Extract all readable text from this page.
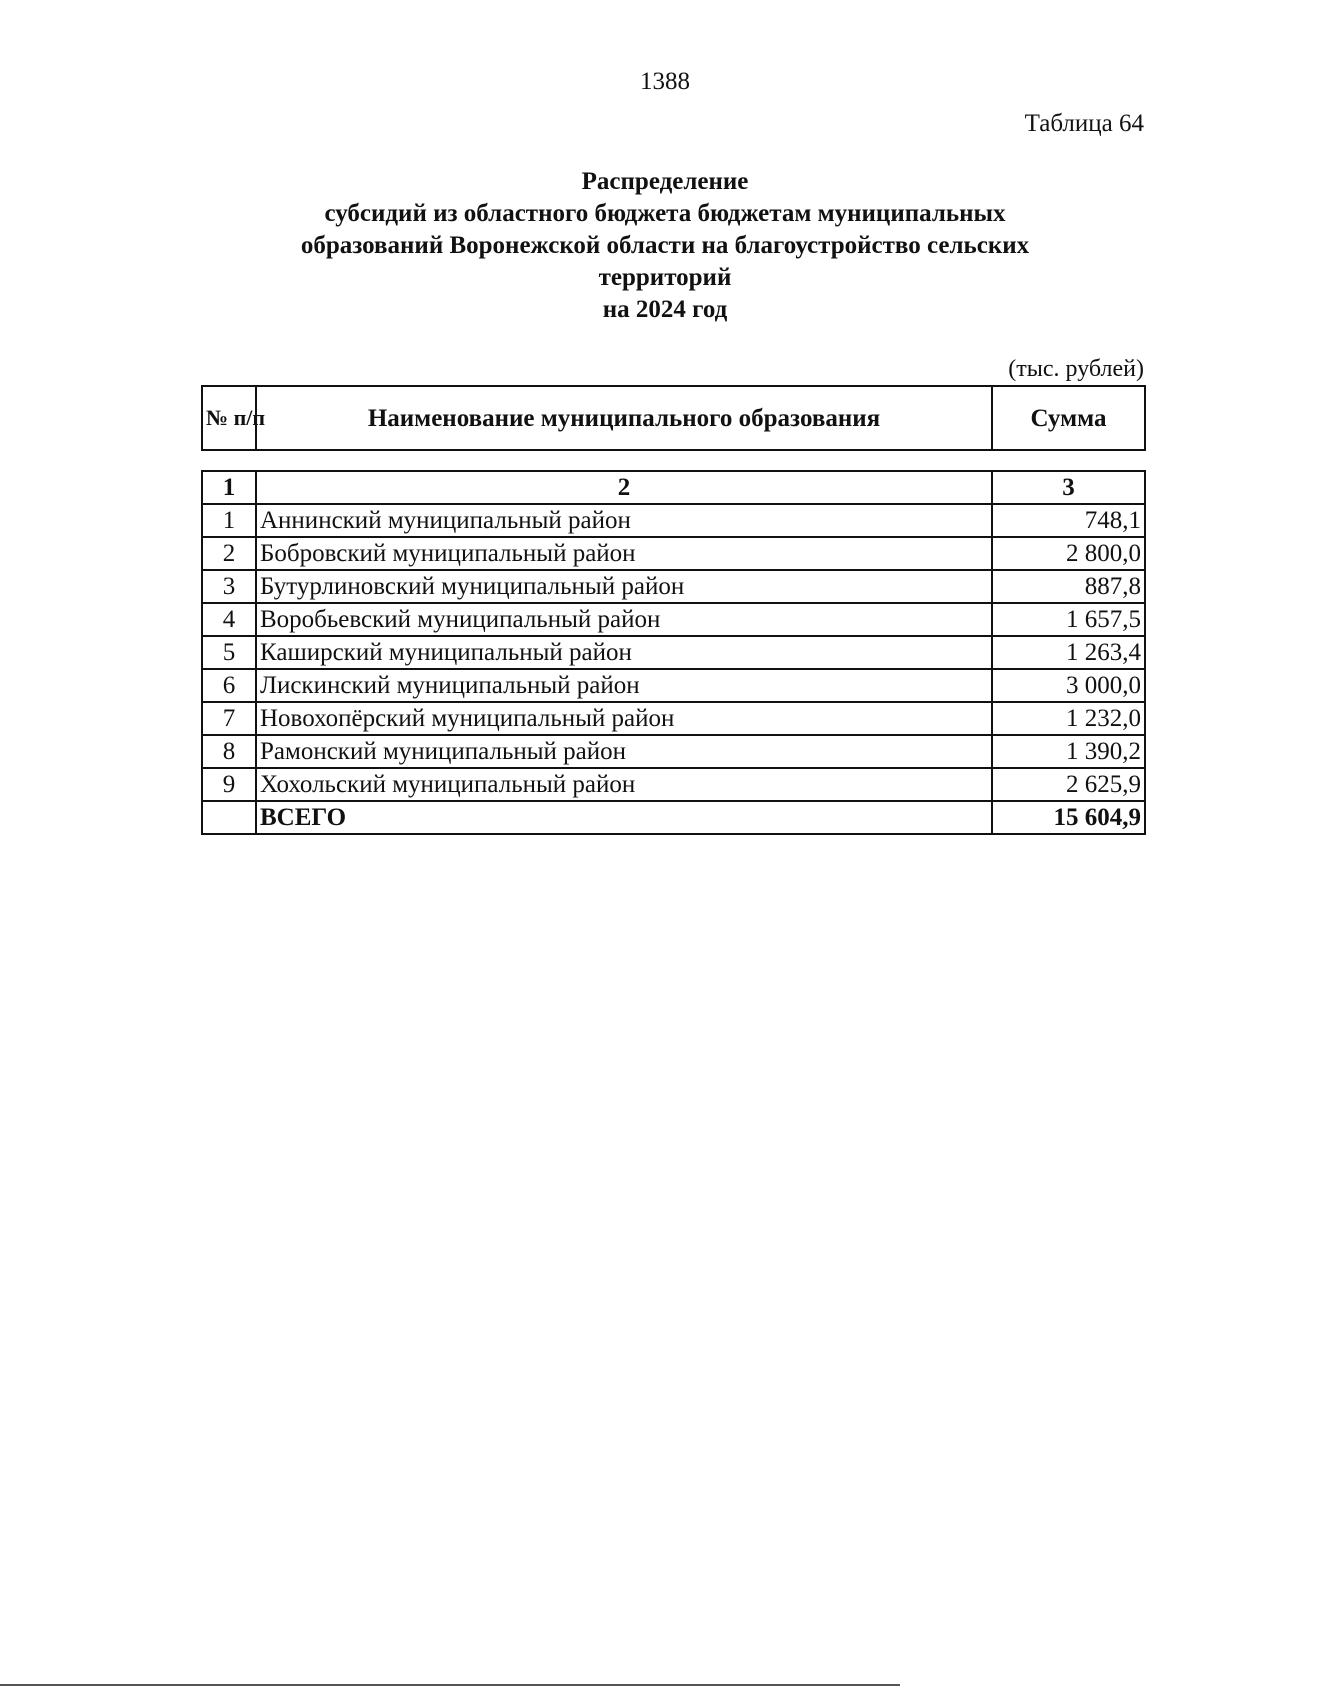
1388
Таблица 64
Распределение
субсидий из областного бюджета бюджетам муниципальных
образований Воронежской области на благоустройство сельских
территорий
на 2024 год
(тыс. рублей)
№ п/п	Наименование муниципального образования	Сумма
1	2	3
1	Аннинский муниципальный район	748,1
2	Бобровский муниципальный район	2 800,0
3	Бутурлиновский муниципальный район	887,8
4	Воробьевский муниципальный район	1 657,5
5	Каширский муниципальный район	1 263,4
6	Лискинский муниципальный район	3 000,0
7	Новохопёрский муниципальный район	1 232,0
8	Рамонский муниципальный район	1 390,2
9	Хохольский муниципальный район	2 625,9
	ВСЕГО	15 604,9
